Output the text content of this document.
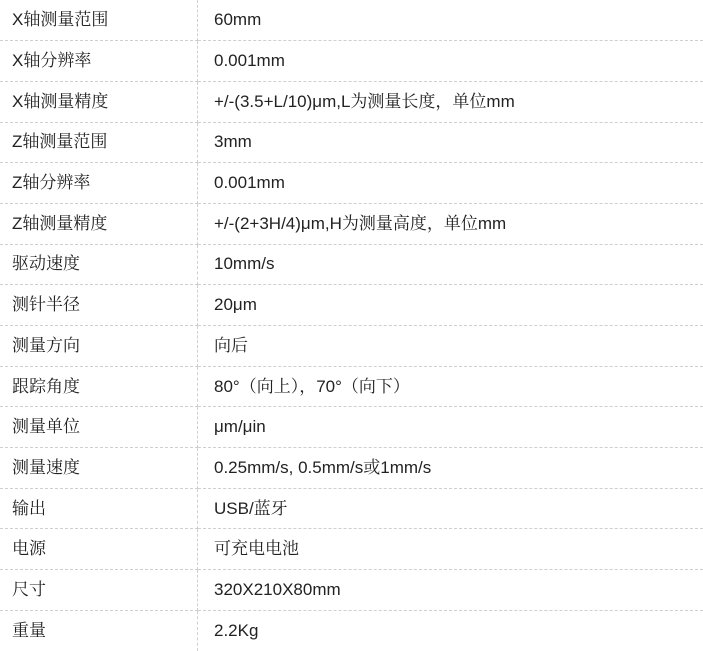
X轴测量范围	60mm
X轴分辨率	0.001mm
X轴测量精度	+/-(3.5+L/10)μm,L为测量长度，单位mm
Z轴测量范围	3mm
Z轴分辨率	0.001mm
Z轴测量精度	+/-(2+3H/4)μm,H为测量高度，单位mm
驱动速度	10mm/s
测针半径	20μm
测量方向	向后
跟踪角度	80°（向上），70°（向下）
测量单位	μm/μin
测量速度	0.25mm/s, 0.5mm/s或1mm/s
输出	USB/蓝牙
电源	可充电电池
尺寸	320X210X80mm
重量	2.2Kg
